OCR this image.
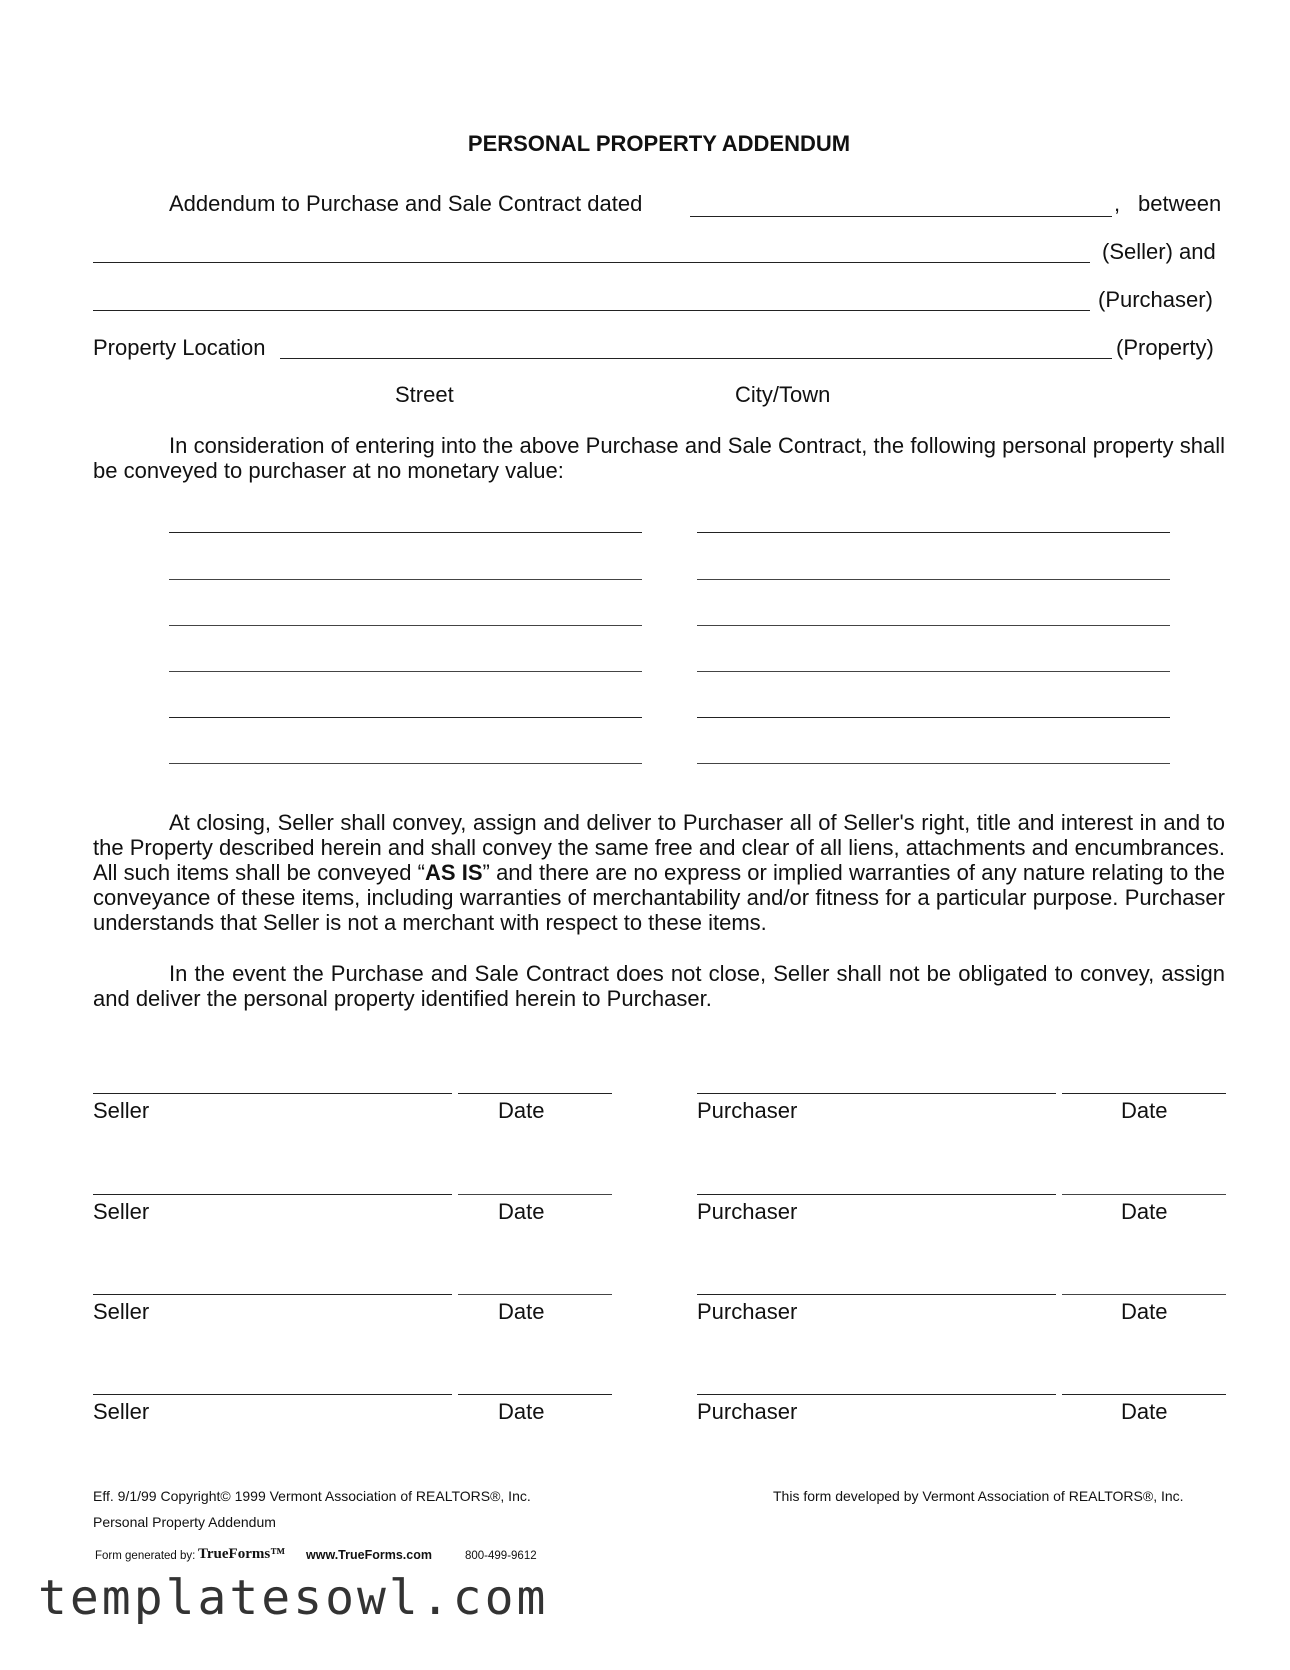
PERSONAL PROPERTY ADDENDUM
Addendum to Purchase and Sale Contract dated	, between
(Seller) and
(Purchaser)
Property Location	(Property)
Street	City/Town
In consideration of entering into the above Purchase and Sale Contract, the following personal property shall be conveyed to purchaser at no monetary value:
At closing, Seller shall convey, assign and deliver to Purchaser all of Seller's right, title and interest in and to the Property described herein and shall convey the same free and clear of all liens, attachments and encumbrances. All such items shall be conveyed “AS IS” and there are no express or implied warranties of any nature relating to the conveyance of these items, including warranties of merchantability and/or fitness for a particular purpose. Purchaser understands that Seller is not a merchant with respect to these items.
In the event the Purchase and Sale Contract does not close, Seller shall not be obligated to convey, assign and deliver the personal property identified herein to Purchaser.
Seller	Date	Purchaser	Date
Seller	Date	Purchaser	Date
Seller	Date	Purchaser	Date
Seller	Date	Purchaser	Date
Eff. 9/1/99 Copyright© 1999 Vermont Association of REALTORS®, Inc.
Personal Property Addendum
This form developed by Vermont Association of REALTORS®, Inc.
Form generated by: TrueForms™ www.TrueForms.com	800-499-9612
templatesowl.com
